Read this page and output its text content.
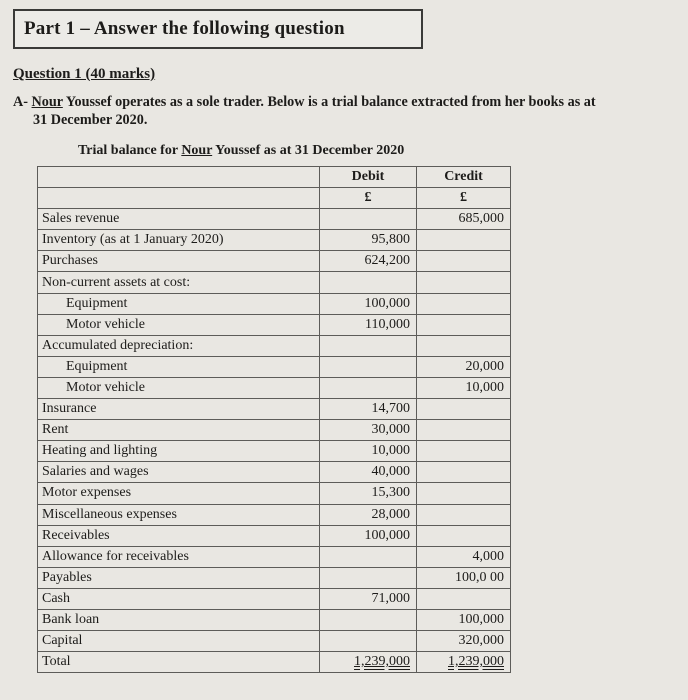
Part 1 – Answer the following question
Question 1 (40 marks)
A- Nour Youssef operates as a sole trader. Below is a trial balance extracted from her books as at
31 December 2020.
Trial balance for Nour Youssef as at 31 December 2020
	Debit	Credit
	£	£
Sales revenue		685,000
Inventory (as at 1 January 2020)	95,800	
Purchases	624,200	
Non-current assets at cost:		
Equipment	100,000	
Motor vehicle	110,000	
Accumulated depreciation:		
Equipment		20,000
Motor vehicle		10,000
Insurance	14,700	
Rent	30,000	
Heating and lighting	10,000	
Salaries and wages	40,000	
Motor expenses	15,300	
Miscellaneous expenses	28,000	
Receivables	100,000	
Allowance for receivables		4,000
Payables		100,0 00
Cash	71,000	
Bank loan		100,000
Capital		320,000
Total	1,239,000	1,239,000
